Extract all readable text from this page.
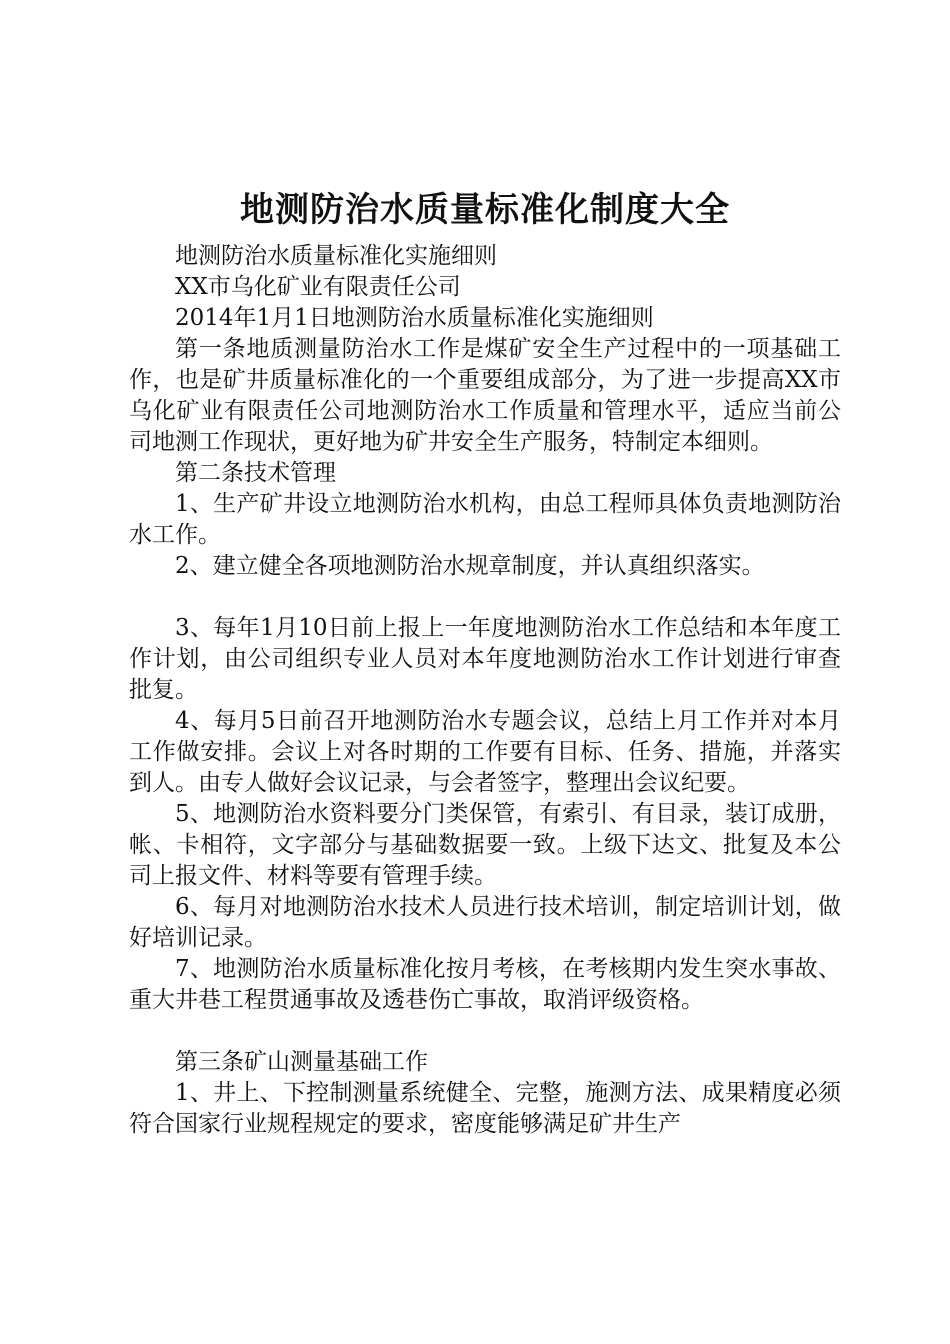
地测防治水质量标准化制度大全

地测防治水质量标准化实施细则

XX市乌化矿业有限责任公司

2014年1月1日地测防治水质量标准化实施细则

第一条地质测量防治水工作是煤矿安全生产过程中的一项基础工作，也是矿井质量标准化的一个重要组成部分，为了进一步提高XX市乌化矿业有限责任公司地测防治水工作质量和管理水平，适应当前公司地测工作现状，更好地为矿井安全生产服务，特制定本细则。

第二条技术管理

1、生产矿井设立地测防治水机构，由总工程师具体负责地测防治水工作。

2、建立健全各项地测防治水规章制度，并认真组织落实。

3、每年1月10日前上报上一年度地测防治水工作总结和本年度工作计划，由公司组织专业人员对本年度地测防治水工作计划进行审查批复。

4、每月5日前召开地测防治水专题会议，总结上月工作并对本月工作做安排。会议上对各时期的工作要有目标、任务、措施，并落实到人。由专人做好会议记录，与会者签字，整理出会议纪要。

5、地测防治水资料要分门类保管，有索引、有目录，装订成册，帐、卡相符，文字部分与基础数据要一致。上级下达文、批复及本公司上报文件、材料等要有管理手续。

6、每月对地测防治水技术人员进行技术培训，制定培训计划，做好培训记录。

7、地测防治水质量标准化按月考核，在考核期内发生突水事故、重大井巷工程贯通事故及透巷伤亡事故，取消评级资格。

第三条矿山测量基础工作

1、井上、下控制测量系统健全、完整，施测方法、成果精度必须符合国家行业规程规定的要求，密度能够满足矿井生产
